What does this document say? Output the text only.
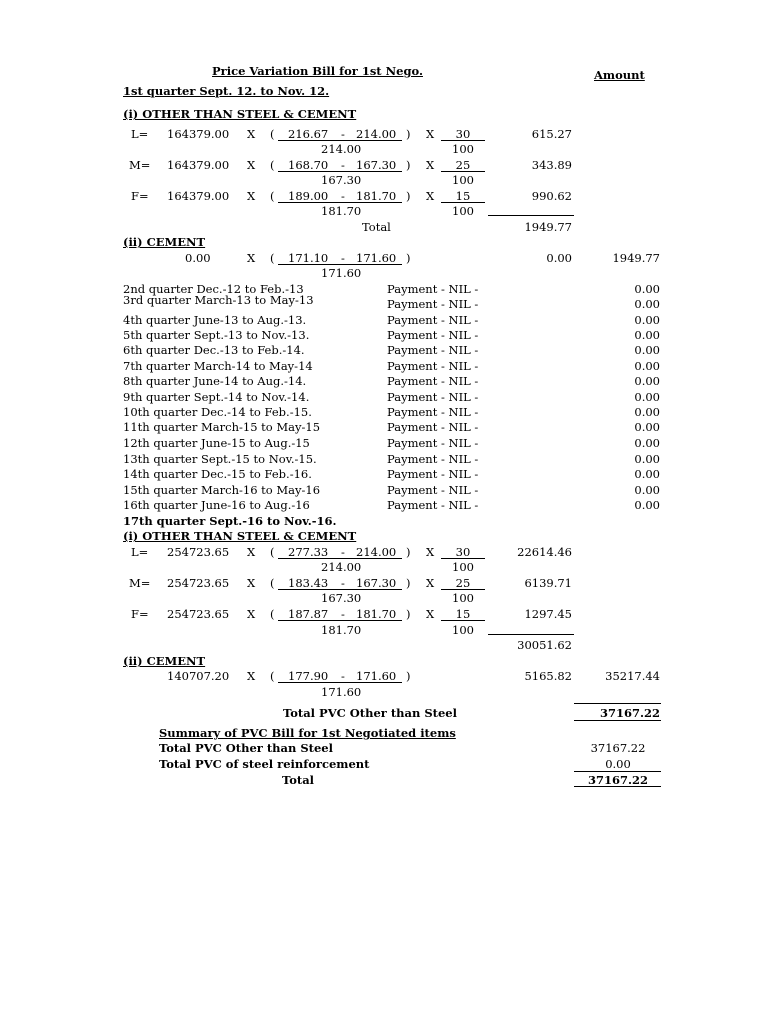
Price Variation Bill for 1st Nego.	Amount
1st quarter Sept. 12. to Nov. 12.
(i) OTHER THAN STEEL & CEMENT
L= 164379.00 X ( 216.67 - 214.00 ) X	30	615.27
214.00	100
M= 164379.00 X ( 168.70 - 167.30 ) X	25	343.89
167.30	100
F= 164379.00 X ( 189.00 - 181.70 ) X	15	990.62
181.70	100
Total	1949.77
(ii) CEMENT
0.00	X ( 171.10 - 171.60 )	0.00	1949.77
171.60
2nd quarter Dec.-12 to Feb.-13	Payment - NIL -	0.00
3rd quarter March-13 to May-13	Payment - NIL -	0.00
4th quarter June-13 to Aug.-13.	Payment - NIL -	0.00
5th quarter Sept.-13 to Nov.-13.	Payment - NIL -	0.00
6th quarter Dec.-13 to Feb.-14.	Payment - NIL -	0.00
7th quarter March-14 to May-14	Payment - NIL -	0.00
8th quarter June-14 to Aug.-14.	Payment - NIL -	0.00
9th quarter Sept.-14 to Nov.-14.	Payment - NIL -	0.00
10th quarter Dec.-14 to Feb.-15.	Payment - NIL -	0.00
11th quarter March-15 to May-15	Payment - NIL -	0.00
12th quarter June-15 to Aug.-15	Payment - NIL -	0.00
13th quarter Sept.-15 to Nov.-15.	Payment - NIL -	0.00
14th quarter Dec.-15 to Feb.-16.	Payment - NIL -	0.00
15th quarter March-16 to May-16	Payment - NIL -	0.00
16th quarter June-16 to Aug.-16	Payment - NIL -	0.00
17th quarter Sept.-16 to Nov.-16.
(i) OTHER THAN STEEL & CEMENT
L= 254723.65 X ( 277.33 - 214.00 ) X	30	22614.46
214.00	100
M= 254723.65 X ( 183.43 - 167.30 ) X	25	6139.71
167.30	100
F= 254723.65 X ( 187.87 - 181.70 ) X	15	1297.45
181.70	100
30051.62
(ii) CEMENT
140707.20 X ( 177.90 - 171.60 )	5165.82	35217.44
171.60
Total PVC Other than Steel	37167.22
Summary of PVC Bill for 1st Negotiated items
Total PVC Other than Steel	37167.22
Total PVC of steel reinforcement	0.00
Total	37167.22
